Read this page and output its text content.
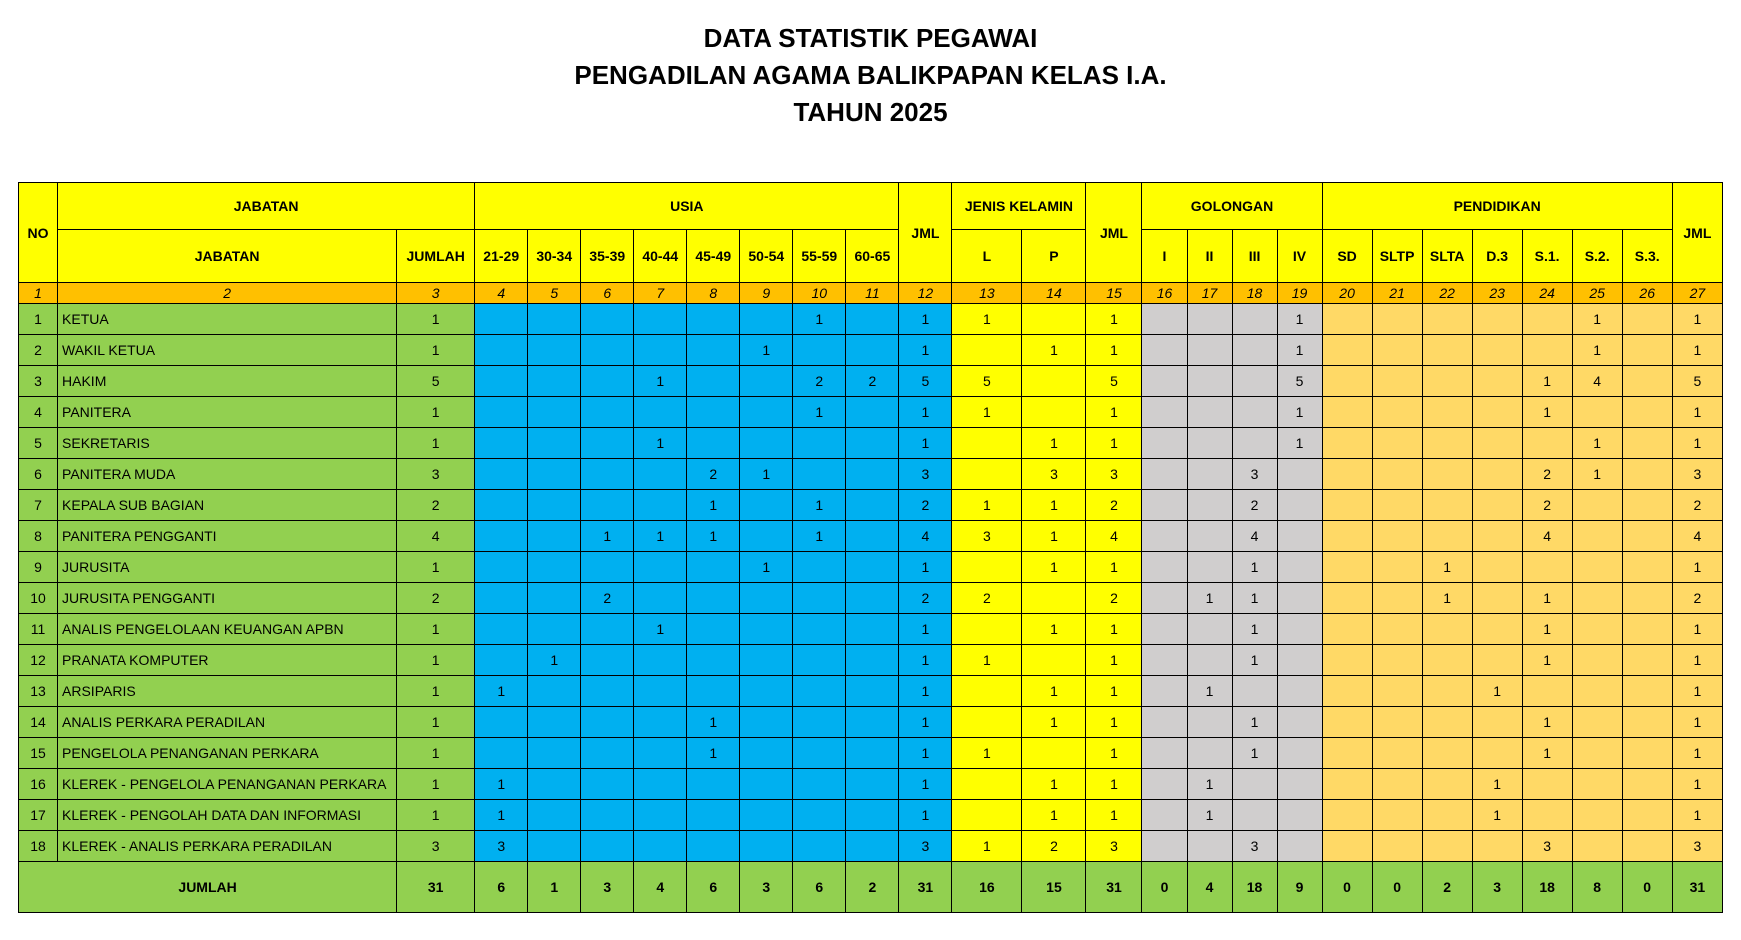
DATA STATISTIK PEGAWAI
PENGADILAN AGAMA BALIKPAPAN KELAS I.A.
TAHUN 2025
NO	JABATAN		USIA								JML	JENIS KELAMIN		JML	GOLONGAN				PENDIDIKAN							JML
	JABATAN	JUMLAH	21-29	30-34	35-39	40-44	45-49	50-54	55-59	60-65		L	P		I	II	III	IV	SD	SLTP	SLTA	D.3	S.1.	S.2.	S.3.	
1	2	3	4	5	6	7	8	9	10	11	12	13	14	15	16	17	18	19	20	21	22	23	24	25	26	27
1	KETUA	1							1		1	1		1				1						1		1
2	WAKIL KETUA	1						1			1		1	1				1						1		1
3	HAKIM	5				1			2	2	5	5		5				5					1	4		5
4	PANITERA	1							1		1	1		1				1					1			1
5	SEKRETARIS	1				1					1		1	1				1						1		1
6	PANITERA MUDA	3					2	1			3		3	3			3						2	1		3
7	KEPALA SUB BAGIAN	2					1		1		2	1	1	2			2						2			2
8	PANITERA PENGGANTI	4			1	1	1		1		4	3	1	4			4						4			4
9	JURUSITA	1						1			1		1	1			1				1					1
10	JURUSITA PENGGANTI	2			2						2	2		2		1	1				1		1			2
11	ANALIS PENGELOLAAN KEUANGAN APBN	1				1					1		1	1			1						1			1
12	PRANATA KOMPUTER	1		1							1	1		1			1						1			1
13	ARSIPARIS	1	1								1		1	1		1						1				1
14	ANALIS PERKARA PERADILAN	1					1				1		1	1			1						1			1
15	PENGELOLA PENANGANAN PERKARA	1					1				1	1		1			1						1			1
16	KLEREK - PENGELOLA PENANGANAN PERKARA	1	1								1		1	1		1						1				1
17	KLEREK - PENGOLAH DATA DAN INFORMASI	1	1								1		1	1		1						1				1
18	KLEREK - ANALIS PERKARA PERADILAN	3	3								3	1	2	3			3						3			3
JUMLAH		31	6	1	3	4	6	3	6	2	31	16	15	31	0	4	18	9	0	0	2	3	18	8	0	31
